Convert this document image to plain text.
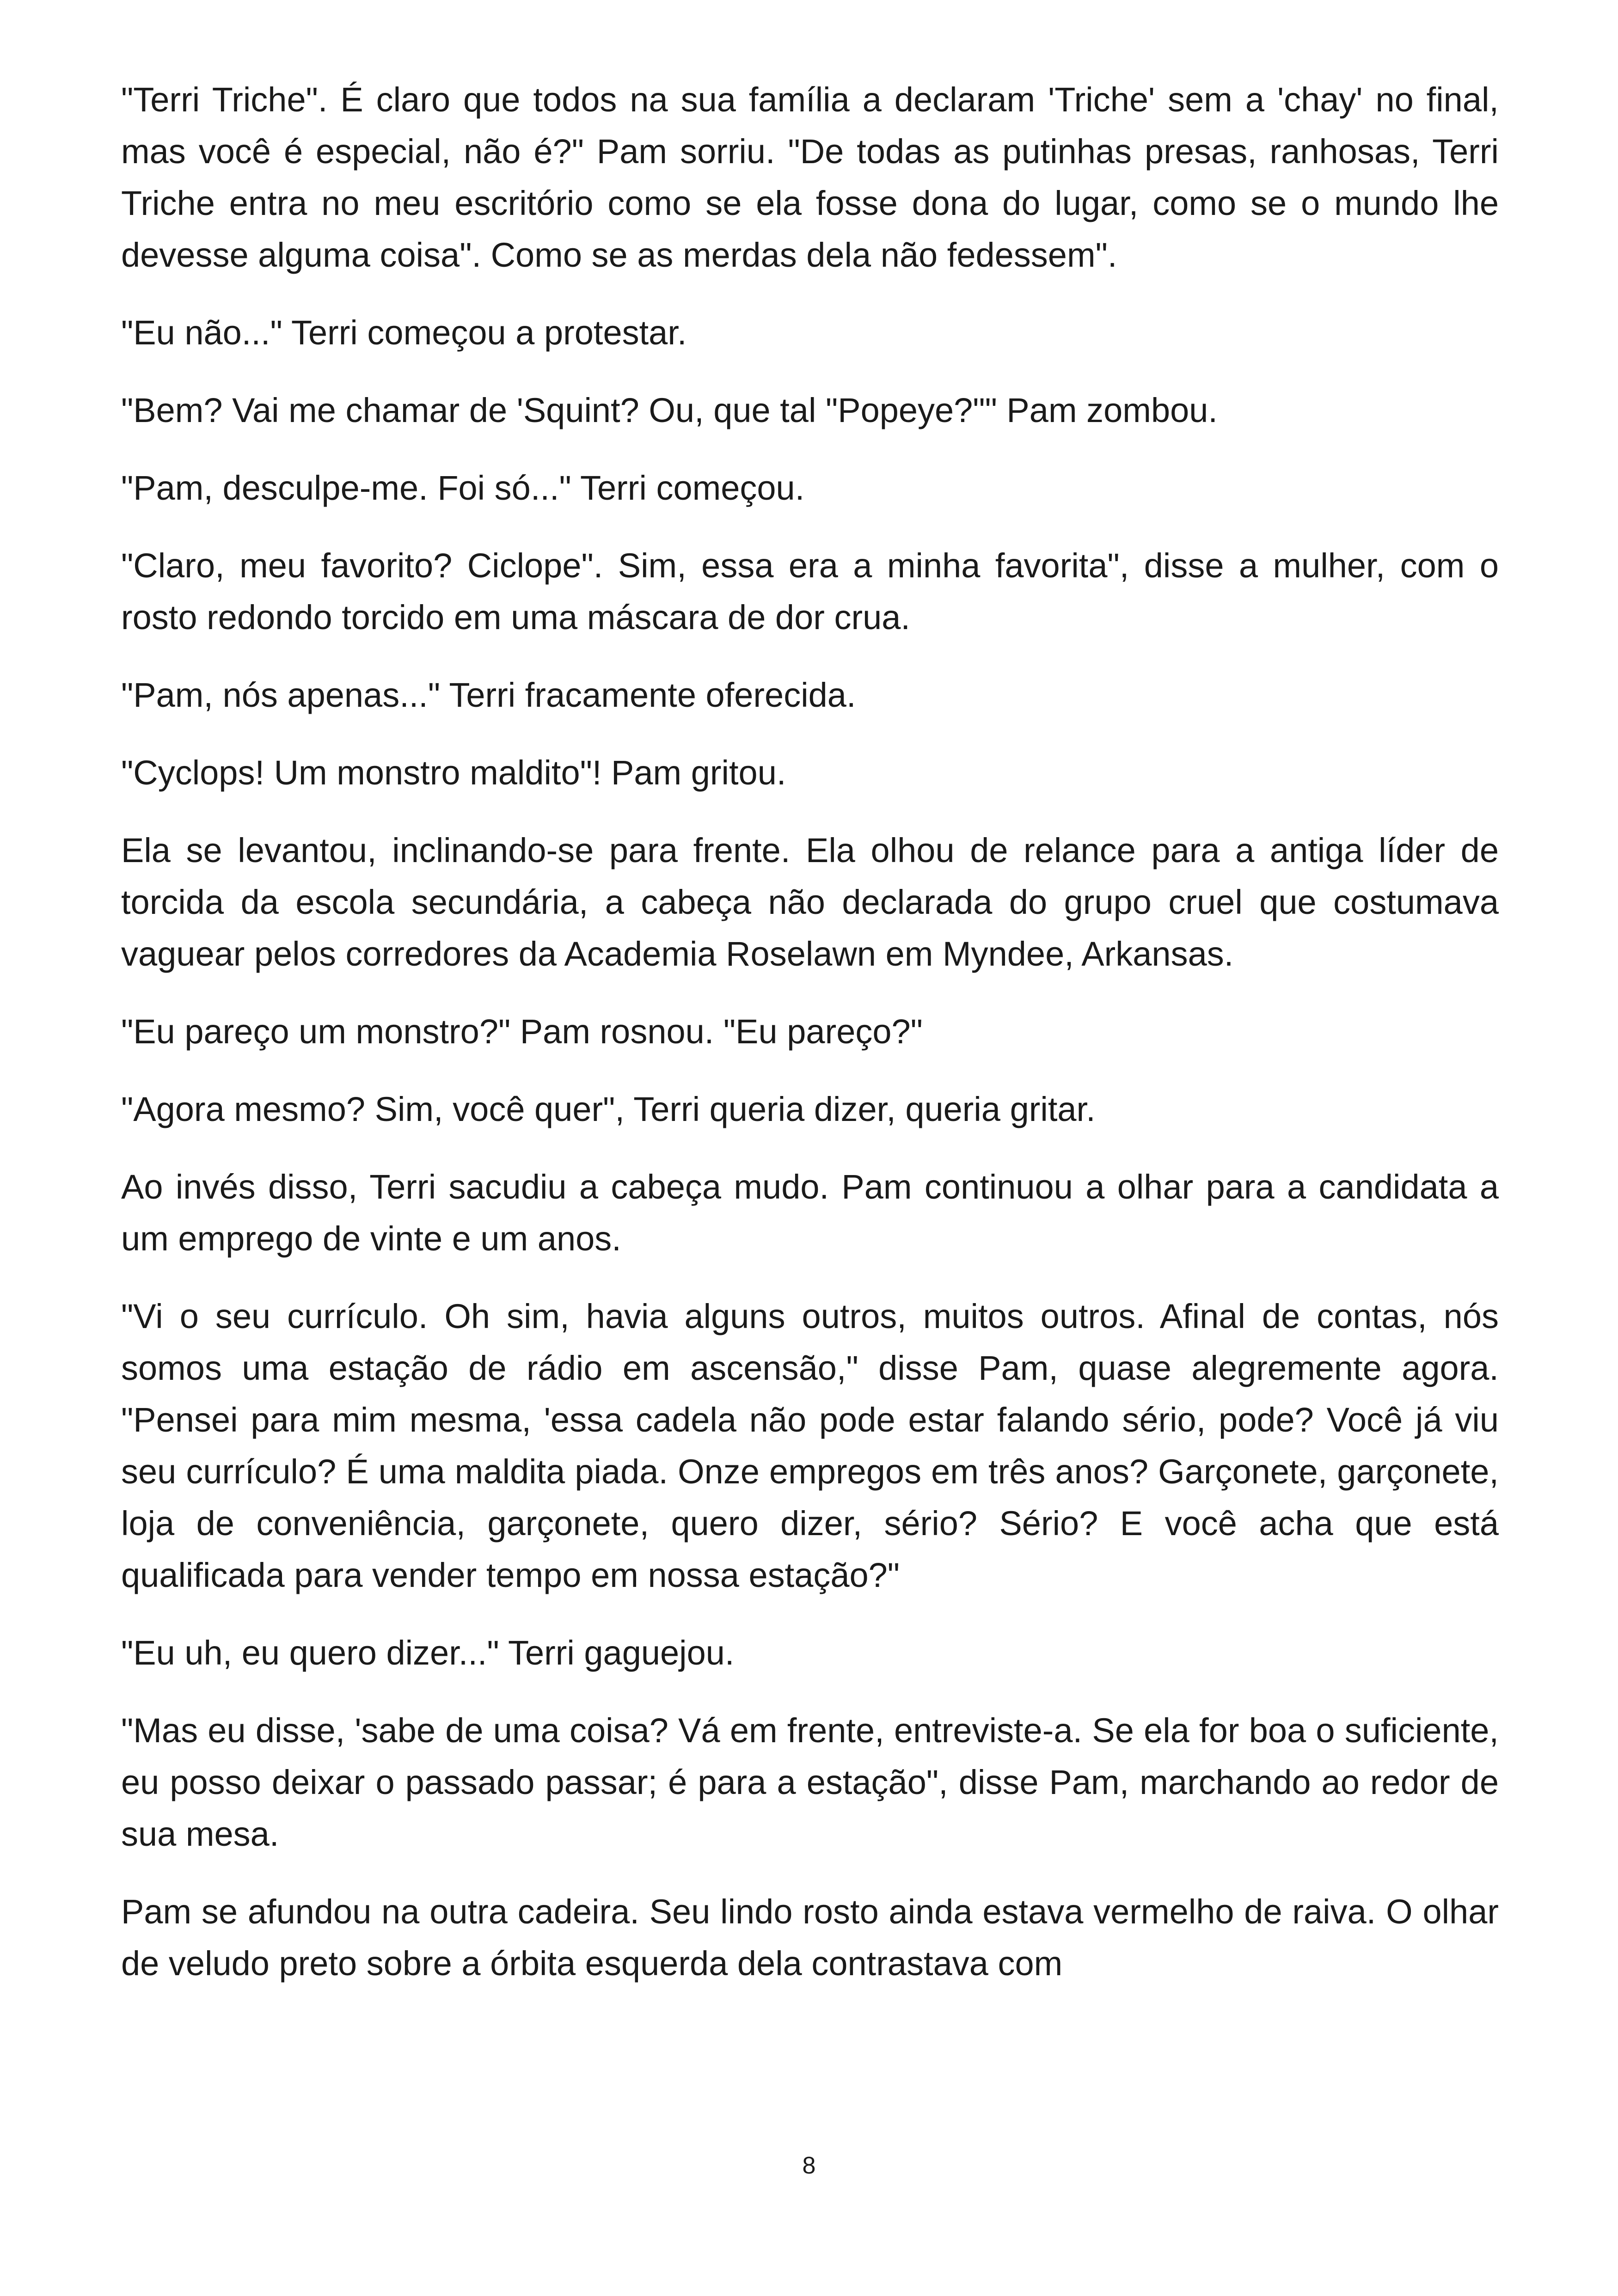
"Terri Triche". É claro que todos na sua família a declaram 'Triche' sem a 'chay' no final, mas você é especial, não é?" Pam sorriu. "De todas as putinhas presas, ranhosas, Terri Triche entra no meu escritório como se ela fosse dona do lugar, como se o mundo lhe devesse alguma coisa". Como se as merdas dela não fedessem".

"Eu não..." Terri começou a protestar.

"Bem? Vai me chamar de 'Squint? Ou, que tal "Popeye?"" Pam zombou.

"Pam, desculpe-me. Foi só..." Terri começou.

"Claro, meu favorito? Ciclope". Sim, essa era a minha favorita", disse a mulher, com o rosto redondo torcido em uma máscara de dor crua.

"Pam, nós apenas..." Terri fracamente oferecida.

"Cyclops! Um monstro maldito"! Pam gritou.

Ela se levantou, inclinando-se para frente. Ela olhou de relance para a antiga líder de torcida da escola secundária, a cabeça não declarada do grupo cruel que costumava vaguear pelos corredores da Academia Roselawn em Myndee, Arkansas.

"Eu pareço um monstro?" Pam rosnou. "Eu pareço?"

"Agora mesmo? Sim, você quer", Terri queria dizer, queria gritar.

Ao invés disso, Terri sacudiu a cabeça mudo. Pam continuou a olhar para a candidata a um emprego de vinte e um anos.

"Vi o seu currículo. Oh sim, havia alguns outros, muitos outros. Afinal de contas, nós somos uma estação de rádio em ascensão," disse Pam, quase alegremente agora. "Pensei para mim mesma, 'essa cadela não pode estar falando sério, pode? Você já viu seu currículo? É uma maldita piada. Onze empregos em três anos? Garçonete, garçonete, loja de conveniência, garçonete, quero dizer, sério? Sério? E você acha que está qualificada para vender tempo em nossa estação?"

"Eu uh, eu quero dizer..." Terri gaguejou.

"Mas eu disse, 'sabe de uma coisa? Vá em frente, entreviste-a. Se ela for boa o suficiente, eu posso deixar o passado passar; é para a estação", disse Pam, marchando ao redor de sua mesa.

Pam se afundou na outra cadeira. Seu lindo rosto ainda estava vermelho de raiva. O olhar de veludo preto sobre a órbita esquerda dela contrastava com

8
